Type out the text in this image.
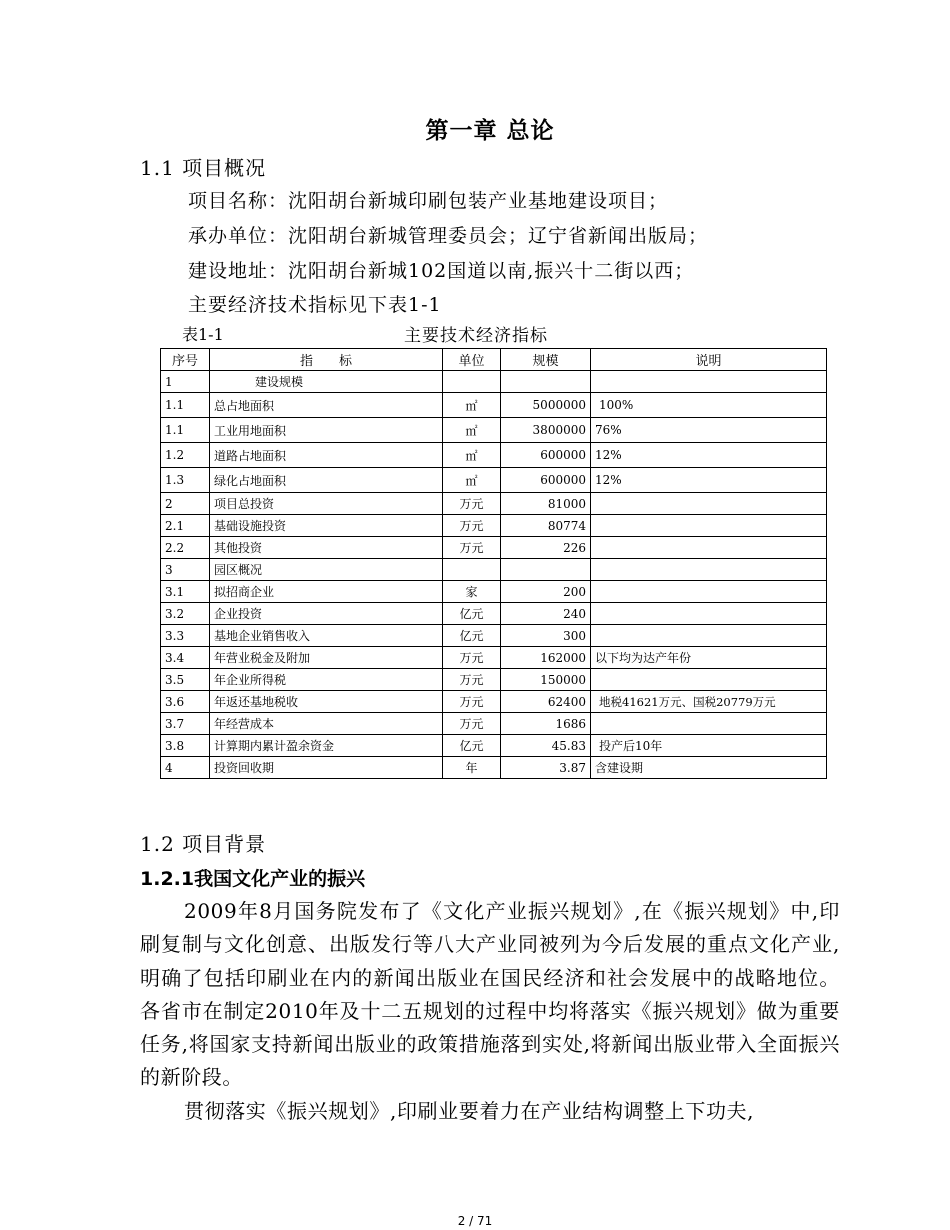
第一章 总论
1.1 项目概况
项目名称：沈阳胡台新城印刷包装产业基地建设项目；
承办单位：沈阳胡台新城管理委员会；辽宁省新闻出版局；
建设地址：沈阳胡台新城102国道以南,振兴十二街以西；
主要经济技术指标见下表1-1
表1-1	主要技术经济指标
序号	指　　标	单位	规模	说明
1	建设规模			
1.1	总占地面积	㎡	5000000	100%
1.1	工业用地面积	㎡	3800000	76%
1.2	道路占地面积	㎡	600000	12%
1.3	绿化占地面积	㎡	600000	12%
2	项目总投资	万元	81000	
2.1	基础设施投资	万元	80774	
2.2	其他投资	万元	226	
3	园区概况			
3.1	拟招商企业	家	200	
3.2	企业投资	亿元	240	
3.3	基地企业销售收入	亿元	300	
3.4	年营业税金及附加	万元	162000	以下均为达产年份
3.5	年企业所得税	万元	150000	
3.6	年返还基地税收	万元	62400	地税41621万元、国税20779万元
3.7	年经营成本	万元	1686	
3.8	计算期内累计盈余资金	亿元	45.83	投产后10年
4	投资回收期	年	3.87	含建设期
1.2 项目背景
1.2.1我国文化产业的振兴

2009年8月国务院发布了《文化产业振兴规划》,在《振兴规划》中,印刷复制与文化创意、出版发行等八大产业同被列为今后发展的重点文化产业,明确了包括印刷业在内的新闻出版业在国民经济和社会发展中的战略地位。各省市在制定2010年及十二五规划的过程中均将落实《振兴规划》做为重要任务,将国家支持新闻出版业的政策措施落到实处,将新闻出版业带入全面振兴的新阶段。

贯彻落实《振兴规划》,印刷业要着力在产业结构调整上下功夫,

2 / 71
